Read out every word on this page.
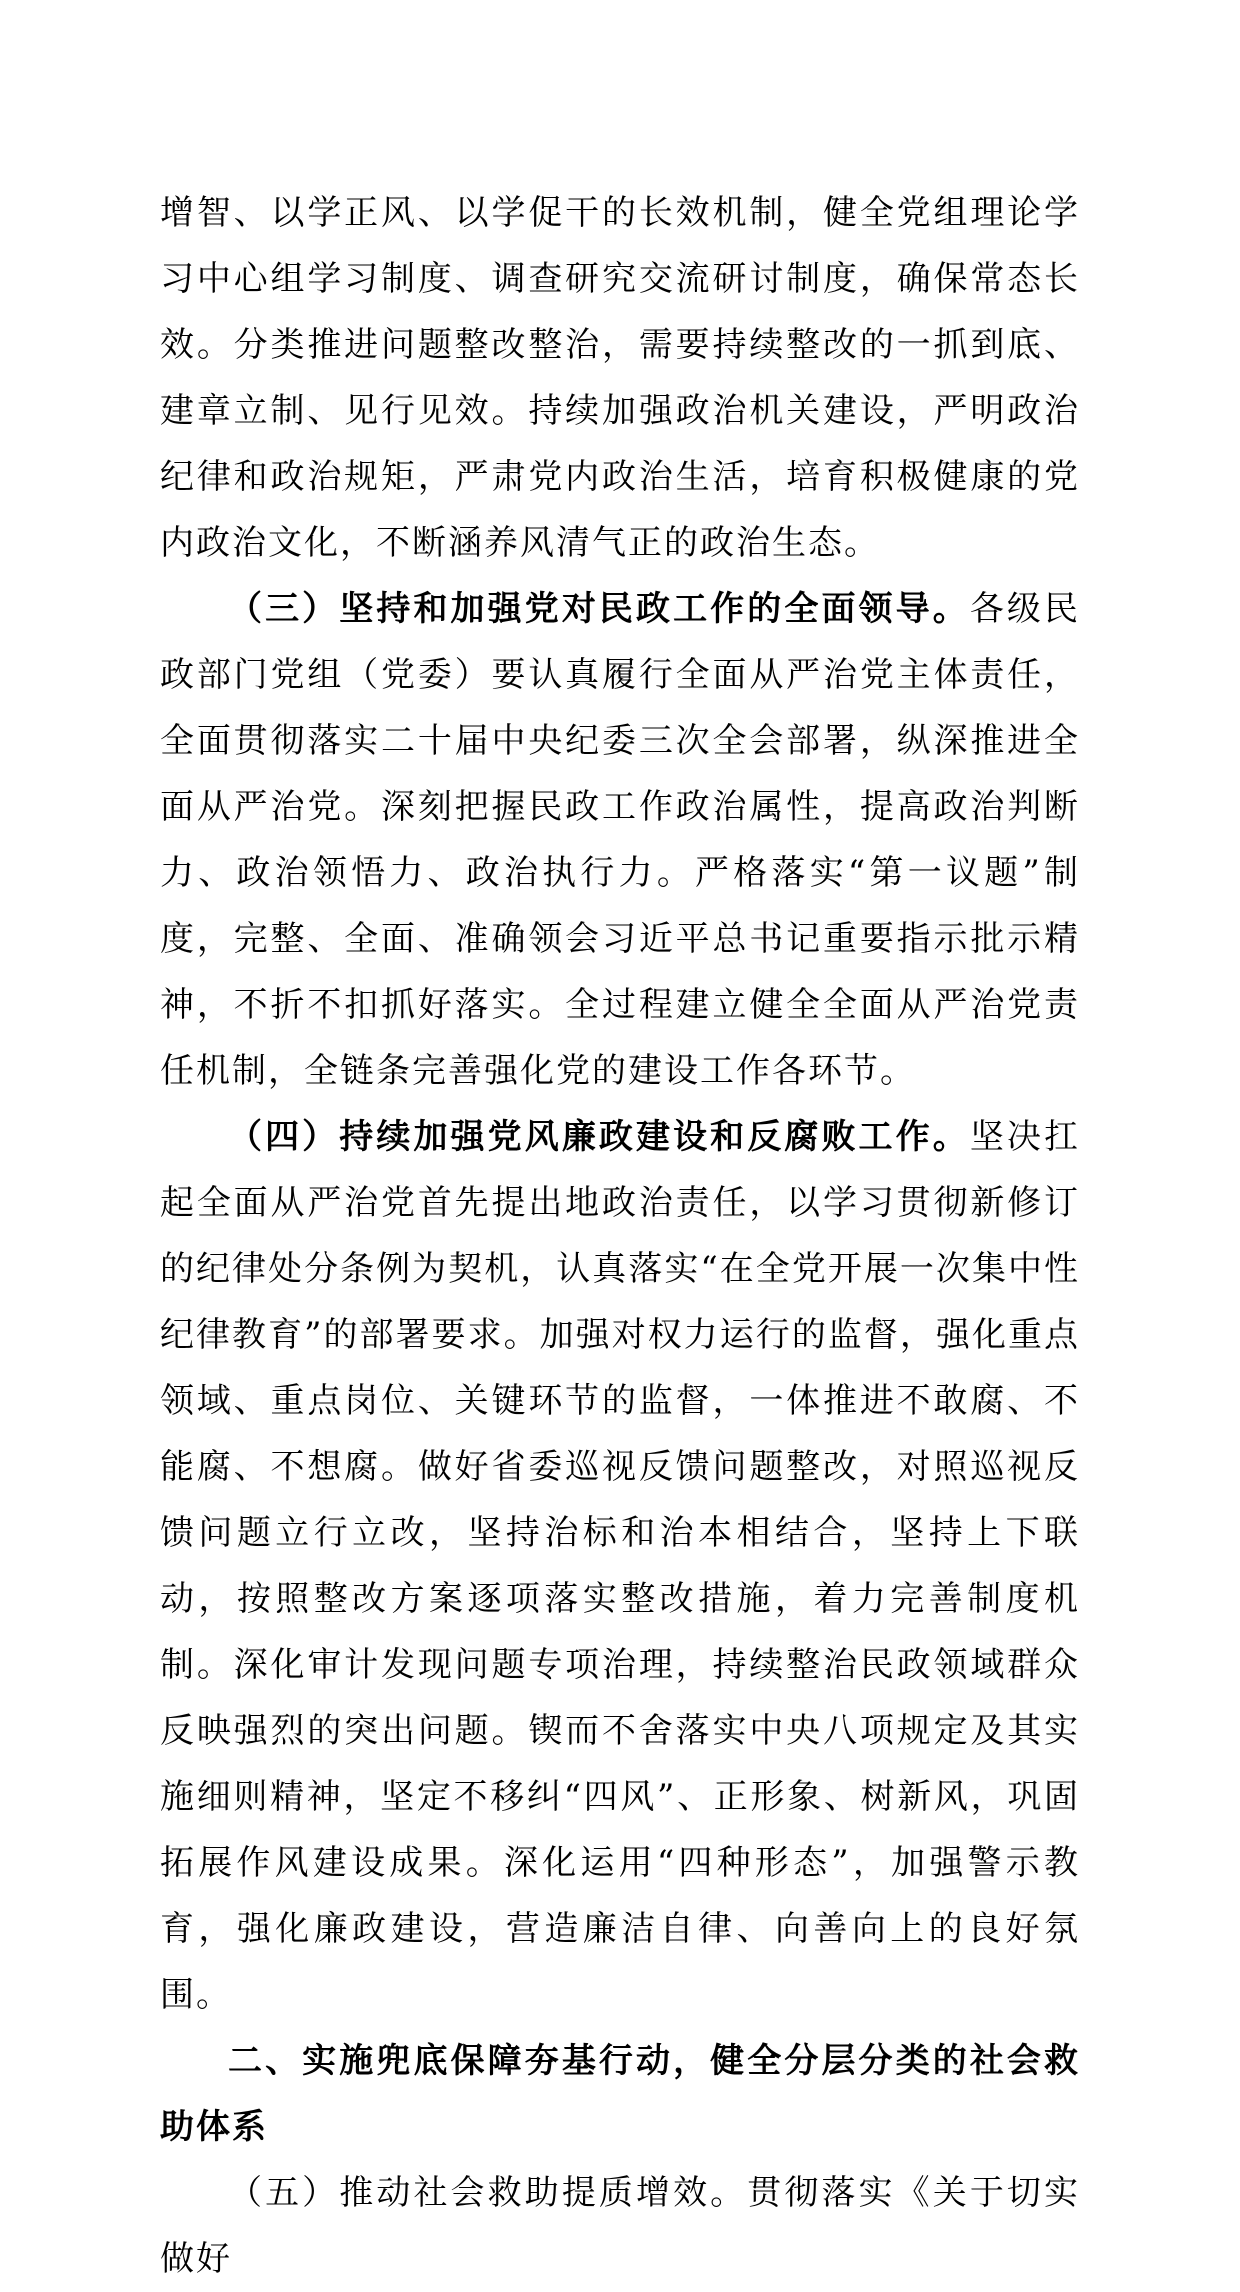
增智、以学正风、以学促干的长效机制，健全党组理论学习中心组学习制度、调查研究交流研讨制度，确保常态长效。分类推进问题整改整治，需要持续整改的一抓到底、建章立制、见行见效。持续加强政治机关建设，严明政治纪律和政治规矩，严肃党内政治生活，培育积极健康的党内政治文化，不断涵养风清气正的政治生态。

（三）坚持和加强党对民政工作的全面领导。各级民政部门党组（党委）要认真履行全面从严治党主体责任，全面贯彻落实二十届中央纪委三次全会部署，纵深推进全面从严治党。深刻把握民政工作政治属性，提高政治判断力、政治领悟力、政治执行力。严格落实“第一议题”制度，完整、全面、准确领会习近平总书记重要指示批示精神，不折不扣抓好落实。全过程建立健全全面从严治党责任机制，全链条完善强化党的建设工作各环节。

（四）持续加强党风廉政建设和反腐败工作。坚决扛起全面从严治党首先提出地政治责任，以学习贯彻新修订的纪律处分条例为契机，认真落实“在全党开展一次集中性纪律教育”的部署要求。加强对权力运行的监督，强化重点领域、重点岗位、关键环节的监督，一体推进不敢腐、不能腐、不想腐。做好省委巡视反馈问题整改，对照巡视反馈问题立行立改，坚持治标和治本相结合，坚持上下联动，按照整改方案逐项落实整改措施，着力完善制度机制。深化审计发现问题专项治理，持续整治民政领域群众反映强烈的突出问题。锲而不舍落实中央八项规定及其实施细则精神，坚定不移纠“四风”、正形象、树新风，巩固拓展作风建设成果。深化运用“四种形态”，加强警示教育，强化廉政建设，营造廉洁自律、向善向上的良好氛围。

二、实施兜底保障夯基行动，健全分层分类的社会救助体系

（五）推动社会救助提质增效。贯彻落实《关于切实做好
